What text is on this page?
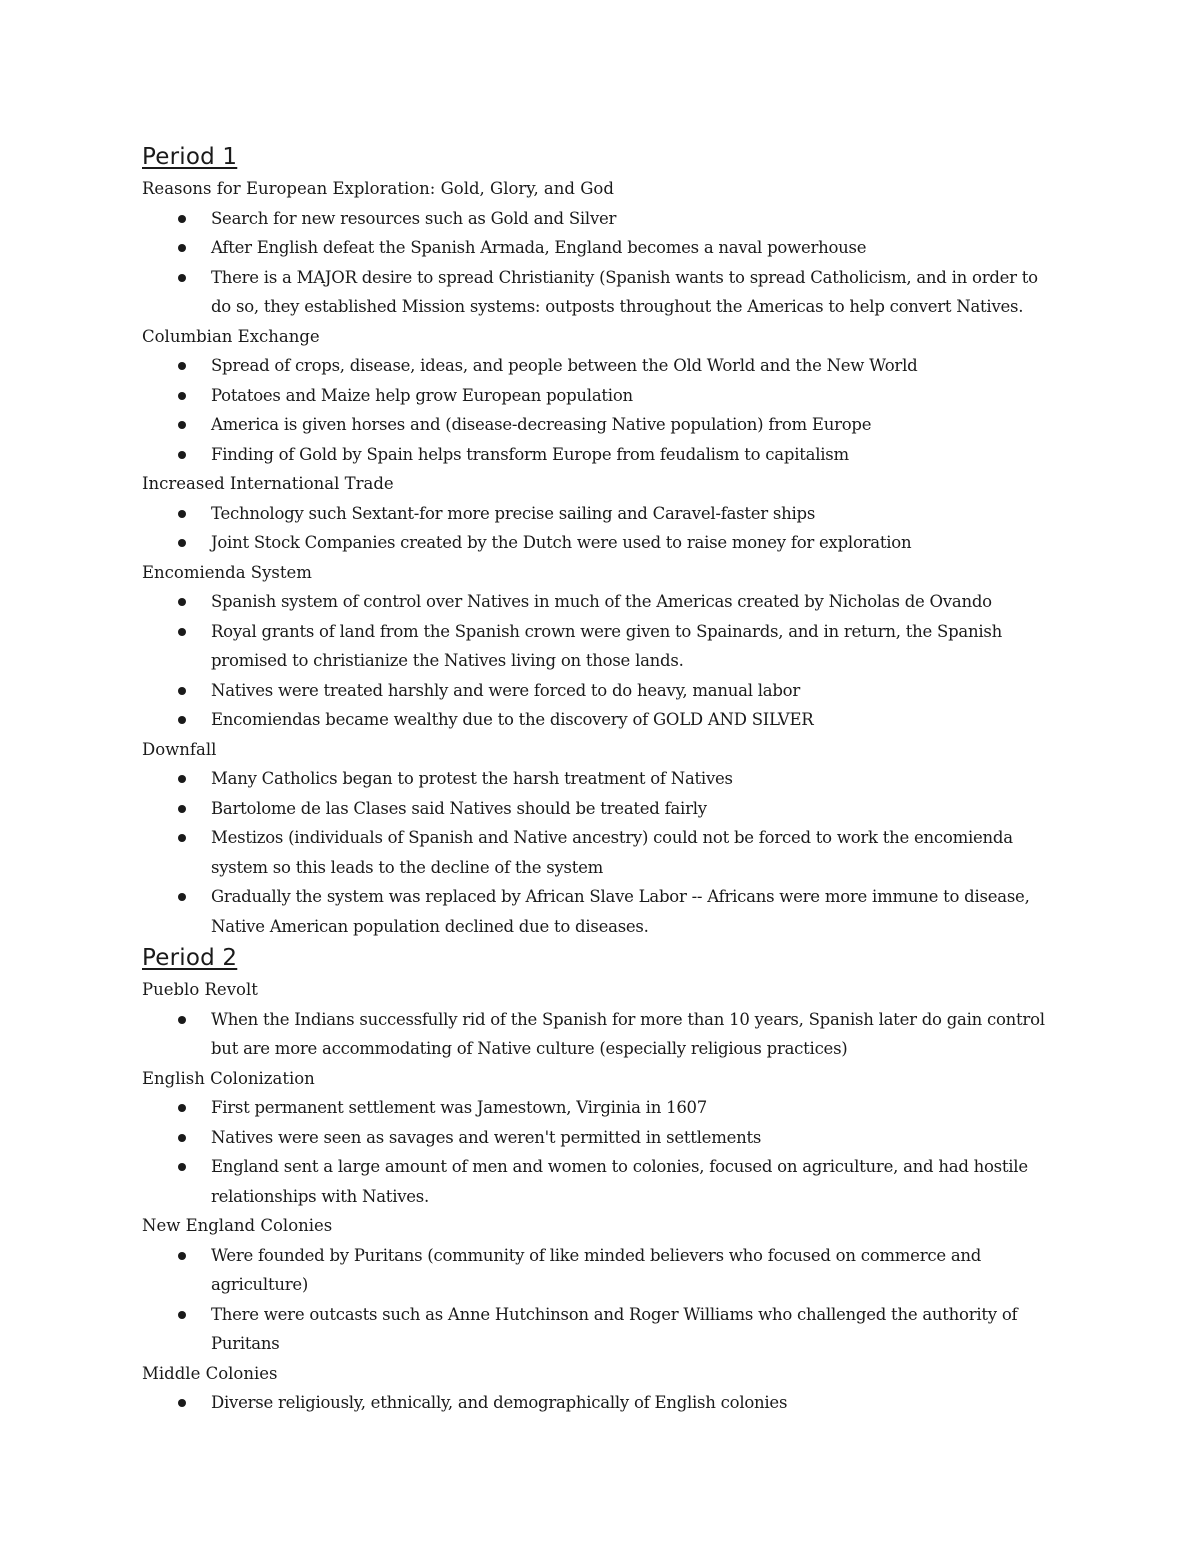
Period 1
Reasons for European Exploration: Gold, Glory, and God
Search for new resources such as Gold and Silver
After English defeat the Spanish Armada, England becomes a naval powerhouse
There is a MAJOR desire to spread Christianity (Spanish wants to spread Catholicism, and in order to do so, they established Mission systems: outposts throughout the Americas to help convert Natives.
Columbian Exchange
Spread of crops, disease, ideas, and people between the Old World and the New World
Potatoes and Maize help grow European population
America is given horses and (disease-decreasing Native population) from Europe
Finding of Gold by Spain helps transform Europe from feudalism to capitalism
Increased International Trade
Technology such Sextant-for more precise sailing and Caravel-faster ships
Joint Stock Companies created by the Dutch were used to raise money for exploration
Encomienda System
Spanish system of control over Natives in much of the Americas created by Nicholas de Ovando
Royal grants of land from the Spanish crown were given to Spainards, and in return, the Spanish promised to christianize the Natives living on those lands.
Natives were treated harshly and were forced to do heavy, manual labor
Encomiendas became wealthy due to the discovery of GOLD AND SILVER
Downfall
Many Catholics began to protest the harsh treatment of Natives
Bartolome de las Clases said Natives should be treated fairly
Mestizos (individuals of Spanish and Native ancestry) could not be forced to work the encomienda system so this leads to the decline of the system
Gradually the system was replaced by African Slave Labor -- Africans were more immune to disease, Native American population declined due to diseases.
Period 2
Pueblo Revolt
When the Indians successfully rid of the Spanish for more than 10 years, Spanish later do gain control but are more accommodating of Native culture (especially religious practices)
English Colonization
First permanent settlement was Jamestown, Virginia in 1607
Natives were seen as savages and weren't permitted in settlements
England sent a large amount of men and women to colonies, focused on agriculture, and had hostile relationships with Natives.
New England Colonies
Were founded by Puritans (community of like minded believers who focused on commerce and agriculture)
There were outcasts such as Anne Hutchinson and Roger Williams who challenged the authority of Puritans
Middle Colonies
Diverse religiously, ethnically, and demographically of English colonies
